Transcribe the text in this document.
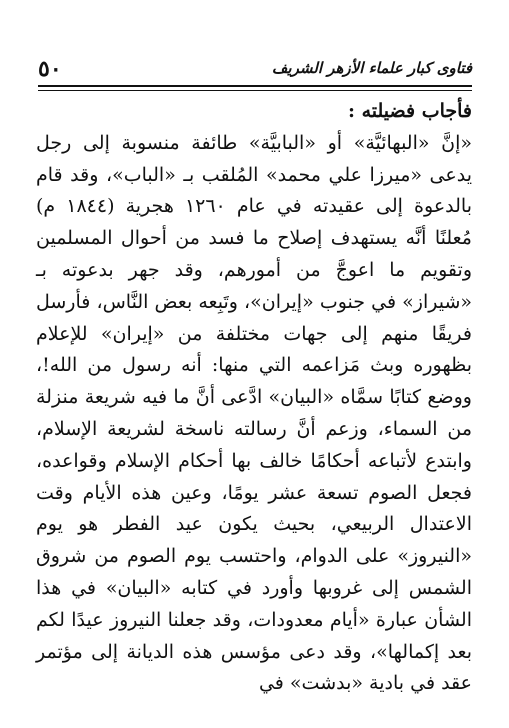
فتاوى كبار علماء الأزهر الشريف
٥٠

فأجاب فضيلته :

«إنَّ «البهائيَّة» أو «البابيَّة» طائفة منسوبة إلى رجل يدعى «ميرزا علي محمد» المُلقب بـ «الباب»، وقد قام بالدعوة إلى عقيدته في عام ١٢٦٠ هجرية (١٨٤٤ م) مُعلنًا أنَّه يستهدف إصلاح ما فسد من أحوال المسلمين وتقويم ما اعوجَّ من أمورهم، وقد جهر بدعوته بـ «شيراز» في جنوب «إيران»، وتَبِعه بعض النَّاس، فأرسل فريقًا منهم إلى جهات مختلفة من «إيران» للإعلام بظهوره وبث مَزاعمه التي منها: أنه رسول من الله!، ووضع كتابًا سمَّاه «البيان» ادَّعى أنَّ ما فيه شريعة منزلة من السماء، وزعم أنَّ رسالته ناسخة لشريعة الإسلام، وابتدع لأتباعه أحكامًا خالف بها أحكام الإسلام وقواعده، فجعل الصوم تسعة عشر يومًا، وعين هذه الأيام وقت الاعتدال الربيعي، بحيث يكون عيد الفطر هو يوم «النيروز» على الدوام، واحتسب يوم الصوم من شروق الشمس إلى غروبها وأورد في كتابه «البيان» في هذا الشأن عبارة «أيام معدودات، وقد جعلنا النيروز عيدًا لكم بعد إكمالها»، وقد دعى مؤسس هذه الديانة إلى مؤتمر عقد في بادية «بدشت» في
